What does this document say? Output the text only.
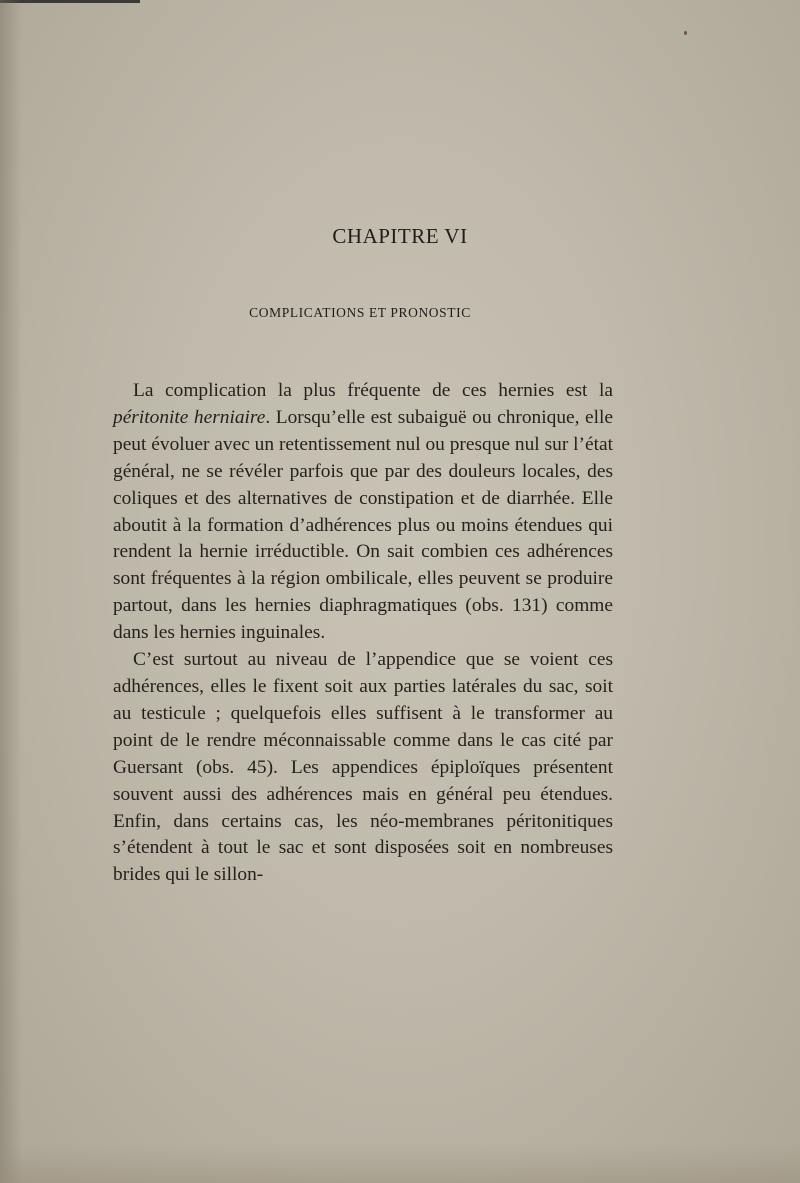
CHAPITRE VI
COMPLICATIONS ET PRONOSTIC

La complication la plus fréquente de ces hernies est la péritonite herniaire. Lorsqu’elle est subaiguë ou chronique, elle peut évoluer avec un retentissement nul ou presque nul sur l’état général, ne se révéler parfois que par des douleurs locales, des coliques et des alternatives de constipation et de diarrhée. Elle aboutit à la formation d’adhérences plus ou moins étendues qui rendent la hernie irréductible. On sait combien ces adhérences sont fréquentes à la région ombilicale, elles peuvent se produire partout, dans les hernies diaphragmatiques (obs. 131) comme dans les hernies inguinales.

C’est surtout au niveau de l’appendice que se voient ces adhérences, elles le fixent soit aux parties latérales du sac, soit au testicule ; quelquefois elles suffisent à le transformer au point de le rendre méconnaissable comme dans le cas cité par Guersant (obs. 45). Les appendices épiploïques présentent souvent aussi des adhérences mais en général peu étendues. Enfin, dans certains cas, les néo-membranes péritonitiques s’étendent à tout le sac et sont disposées soit en nombreuses brides qui le sillon-
